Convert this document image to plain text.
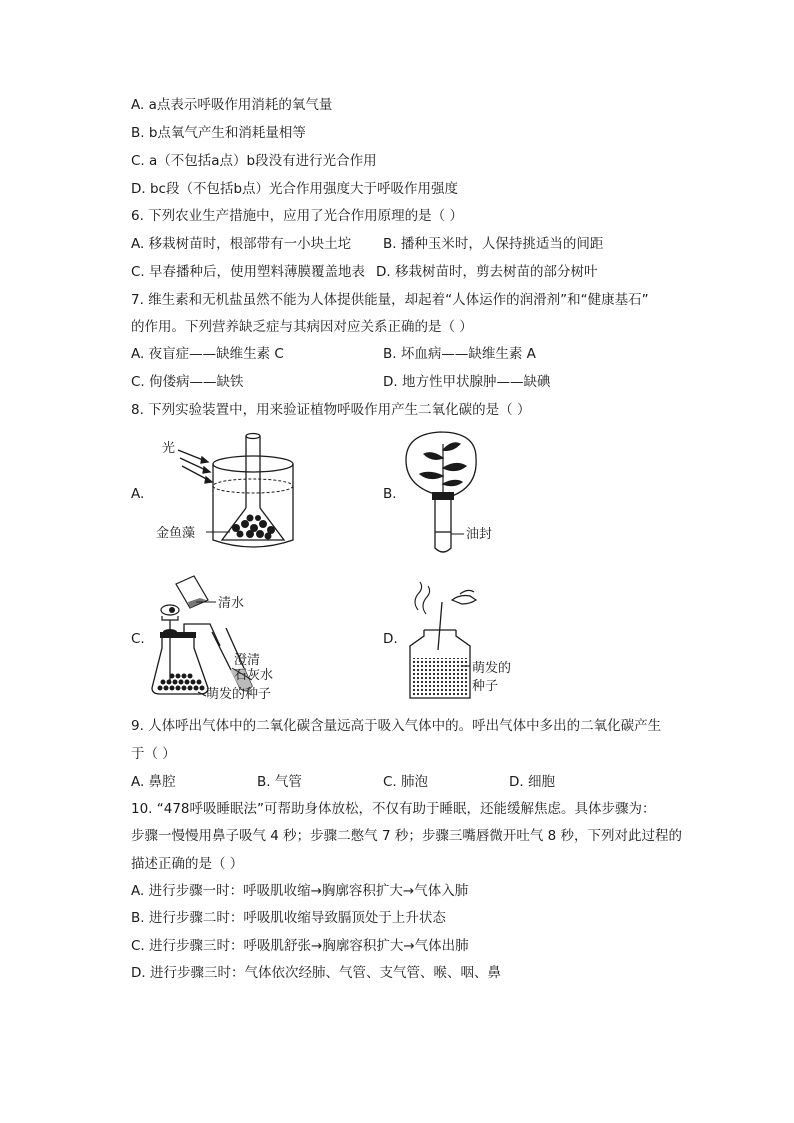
A. a点表示呼吸作用消耗的氧气量
B. b点氧气产生和消耗量相等
C. a（不包括a点）b段没有进行光合作用
D. bc段（不包括b点）光合作用强度大于呼吸作用强度
6. 下列农业生产措施中，应用了光合作用原理的是（ ）
A. 移栽树苗时，根部带有一小块土坨 B. 播种玉米时，人保持挑适当的间距
C. 早春播种后，使用塑料薄膜覆盖地表 D. 移栽树苗时，剪去树苗的部分树叶
7. 维生素和无机盐虽然不能为人体提供能量，却起着“人体运作的润滑剂”和“健康基石”
的作用。下列营养缺乏症与其病因对应关系正确的是（ ）
A. 夜盲症——缺维生素 C	B. 坏血病——缺维生素 A
C. 佝偻病——缺铁	D. 地方性甲状腺肿——缺碘
8. 下列实验装置中，用来验证植物呼吸作用产生二氧化碳的是（ ）
A.
光
金鱼藻
B.
油封
C.
清水
澄清
石灰水
萌发的种子
D.
萌发的
种子
9. 人体呼出气体中的二氧化碳含量远高于吸入气体中的。呼出气体中多出的二氧化碳产生
于（ ）
A. 鼻腔	B. 气管	C. 肺泡	D. 细胞
10. “478呼吸睡眠法”可帮助身体放松，不仅有助于睡眠，还能缓解焦虑。具体步骤为：
步骤一慢慢用鼻子吸气 4 秒；步骤二憋气 7 秒；步骤三嘴唇微开吐气 8 秒，下列对此过程的
描述正确的是（ ）
A. 进行步骤一时：呼吸肌收缩→胸廓容积扩大→气体入肺
B. 进行步骤二时：呼吸肌收缩导致膈顶处于上升状态
C. 进行步骤三时：呼吸肌舒张→胸廓容积扩大→气体出肺
D. 进行步骤三时：气体依次经肺、气管、支气管、喉、咽、鼻
